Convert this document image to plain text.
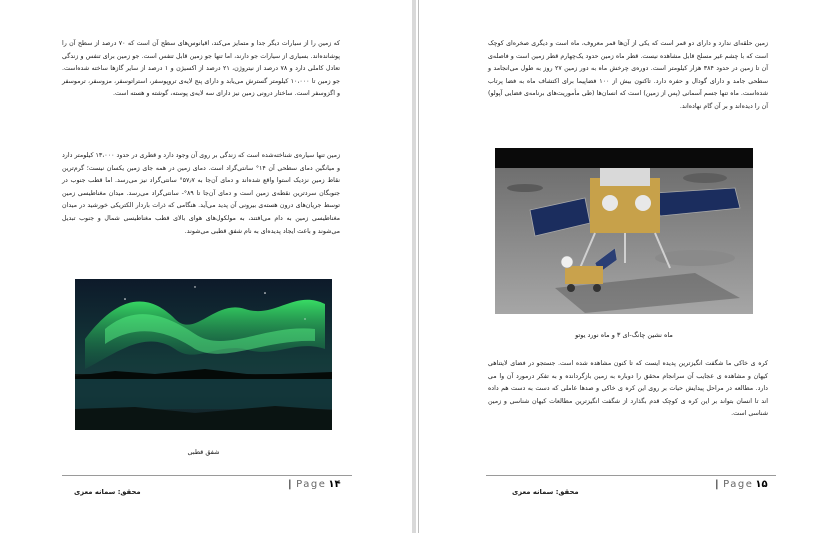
که زمین را از سیارات دیگر جدا و متمایز می‌کند، اقیانوس‌های سطح آن است که ۷۰ درصد از سطح آن را پوشانده‌اند. بسیاری از سیارات جو دارند، اما تنها جو زمین قابل تنفس است. جو زمین برای تنفس و زندگی تعادل کاملی دارد و ۷۸ درصد از نیتروژن، ۲۱ درصد از اکسیژن و ۱ درصد از سایر گازها ساخته شده‌است. جو زمین تا ۱۰،۰۰۰ کیلومتر گسترش می‌یابد و دارای پنج لایه‌ی تروپوسفر، استراتوسفر، مزوسفر، ترموسفر و اگزوسفر است. ساختار درونی زمین نیز دارای سه لایه‌ی پوسته، گوشته و هسته است.
زمین تنها سیاره‌ی شناخته‌شده است که زندگی بر روی آن وجود دارد و قطری در حدود ۱۳،۰۰۰ کیلومتر دارد و میانگین دمای سطحی آن ۱۴° سانتی‌گراد است. دمای زمین در همه جای زمین یکسان نیست؛ گرم‌ترین نقاط زمین نزدیک استوا واقع شده‌اند و دمای آن‌جا به ۵۷٫۷° سانتی‌گراد نیز می‌رسد. اما قطب جنوب در جنوبگان سردترین نقطه‌ی زمین است و دمای آن‌جا تا ۸۹°- سانتی‌گراد می‌رسد. میدان مغناطیسی زمین توسط جریان‌های درون هسته‌ی بیرونی آن پدید می‌آید. هنگامی که ذرات باردار الکتریکی خورشید در میدان مغناطیسی زمین به دام می‌افتند، به مولکول‌های هوای بالای قطب مغناطیسی شمال و جنوب تبدیل می‌شوند و باعث ایجاد پدیده‌ای به نام شفق قطبی می‌شوند.
شفق قطبی
| Page ۱۴
محقق: سمانه معزی
زمین حلقه‌ای ندارد و دارای دو قمر است که یکی از آن‌ها قمر معروف، ماه است و دیگری صخره‌ای کوچک است که با چشم غیر مسلح قابل مشاهده نیست. قطر ماه زمین حدود یک‌چهارم قطر زمین است و فاصله‌ی آن تا زمین در حدود ۳۸۴ هزار کیلومتر است. دوره‌ی چرخش ماه به دور زمین ۲۷ روز به طول می‌انجامد و سطحی جامد و دارای گودال و حفره دارد. تاکنون بیش از ۱۰۰ فضاپیما برای اکتشاف ماه به فضا پرتاب شده‌است. ماه تنها جسم آسمانی (پس از زمین) است که انسان‌ها (طی مأموریت‌های برنامه‌ی فضایی آپولو) آن را دیده‌اند و بر آن گام نهاده‌اند.
ماه نشین چانگ-ای ۳ و ماه نورد یوتو
کره ی خاکی ما شگفت انگیزترین پدیده ایست که تا کنون مشاهده شده است. جستجو در فضای لایتناهی کیهان و مشاهده ی عجایب آن سرانجام محقق را دوباره به زمین بازگردانده و به تفکر درمورد آن وا می دارد. مطالعه در مراحل پیدایش حیات بر روی این کره ی خاکی و صدها عاملی که دست به دست هم داده اند تا انسان بتواند بر این کره ی کوچک قدم بگذارد از شگفت انگیزترین مطالعات کیهان شناسی و زمین شناسی است.
| Page ۱۵
محقق: سمانه معزی
